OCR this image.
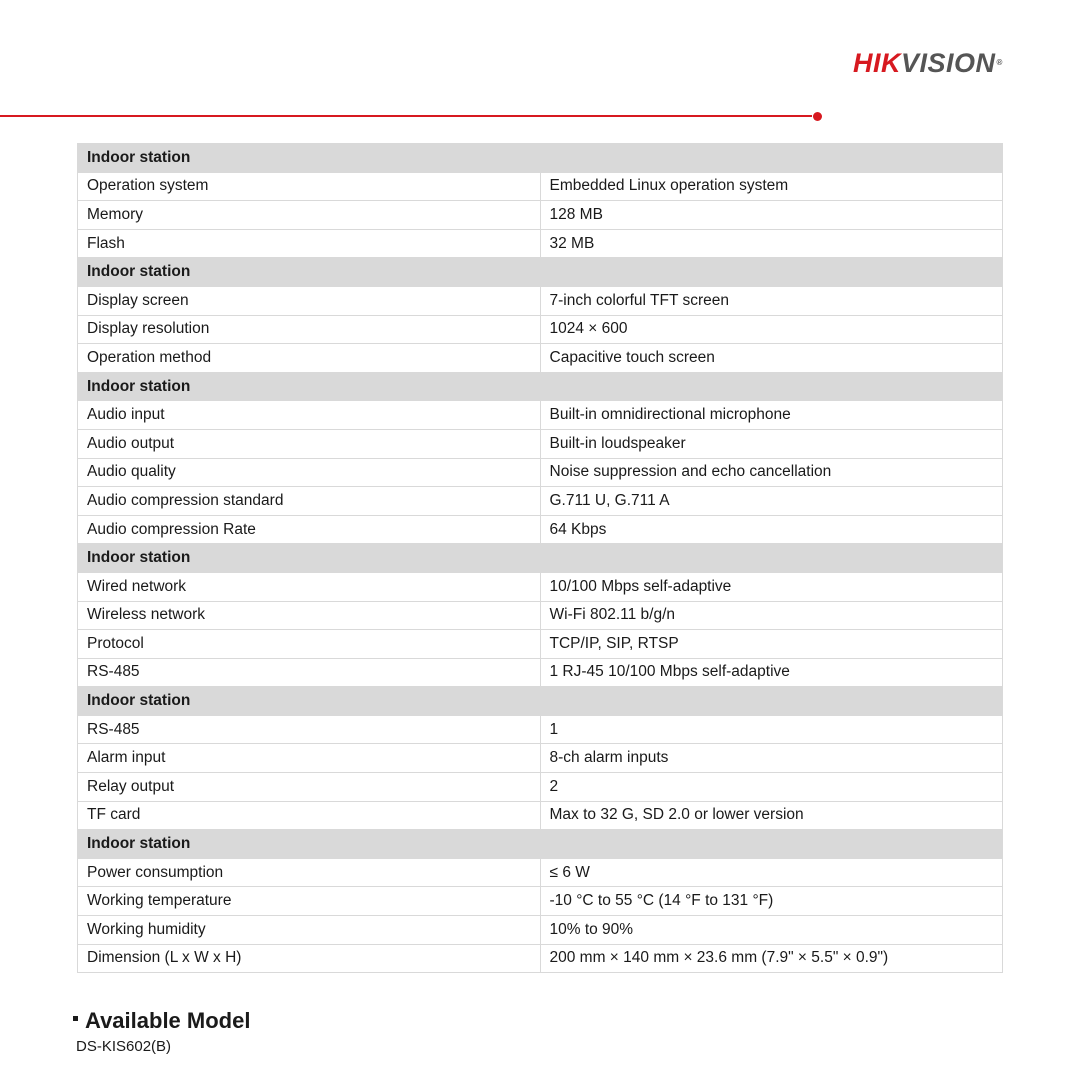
HIKVISION®
Indoor station	
Operation system	Embedded Linux operation system
Memory	128 MB
Flash	32 MB
Indoor station	
Display screen	7-inch colorful TFT screen
Display resolution	1024 × 600
Operation method	Capacitive touch screen
Indoor station	
Audio input	Built-in omnidirectional microphone
Audio output	Built-in loudspeaker
Audio quality	Noise suppression and echo cancellation
Audio compression standard	G.711 U, G.711 A
Audio compression Rate	64 Kbps
Indoor station	
Wired network	10/100 Mbps self-adaptive
Wireless network	Wi-Fi 802.11 b/g/n
Protocol	TCP/IP, SIP, RTSP
RS-485	1 RJ-45 10/100 Mbps self-adaptive
Indoor station	
RS-485	1
Alarm input	8-ch alarm inputs
Relay output	2
TF card	Max to 32 G, SD 2.0 or lower version
Indoor station	
Power consumption	≤ 6 W
Working temperature	-10 °C to 55 °C (14 °F to 131 °F)
Working humidity	10% to 90%
Dimension (L x W x H)	200 mm × 140 mm × 23.6 mm (7.9" × 5.5" × 0.9")
Available Model
DS-KIS602(B)
